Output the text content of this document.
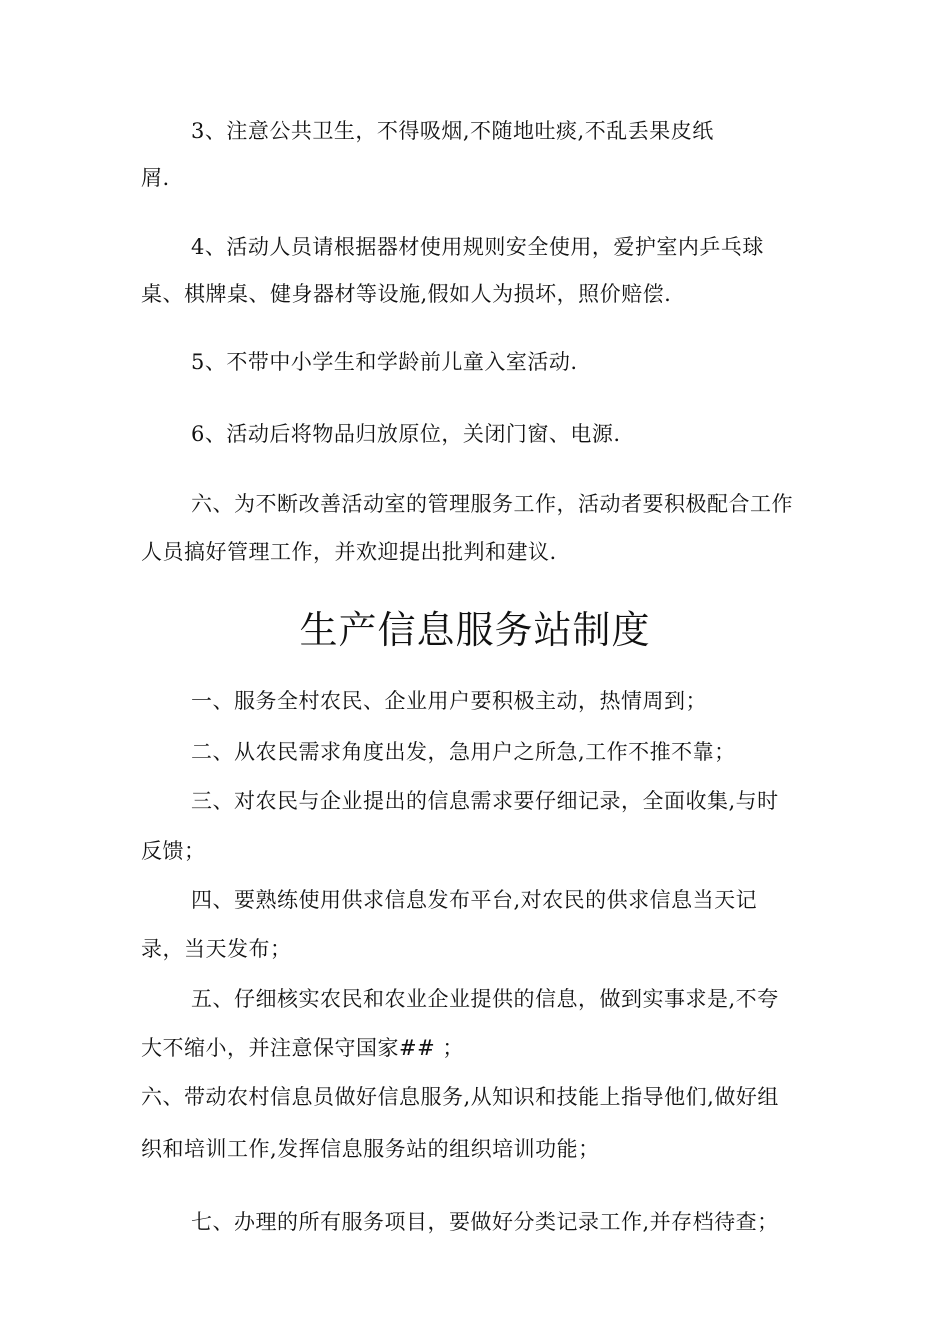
3、注意公共卫生，不得吸烟,不随地吐痰,不乱丢果皮纸
屑.
4、活动人员请根据器材使用规则安全使用，爱护室内乒乓球
桌、棋牌桌、健身器材等设施,假如人为损坏，照价赔偿.
5、不带中小学生和学龄前儿童入室活动.
6、活动后将物品归放原位，关闭门窗、电源.
六、为不断改善活动室的管理服务工作，活动者要积极配合工作
人员搞好管理工作，并欢迎提出批判和建议.
生产信息服务站制度
一、服务全村农民、企业用户要积极主动，热情周到；
二、从农民需求角度出发，急用户之所急,工作不推不靠；
三、对农民与企业提出的信息需求要仔细记录，全面收集,与时
反馈；
四、要熟练使用供求信息发布平台,对农民的供求信息当天记
录，当天发布；
五、仔细核实农民和农业企业提供的信息，做到实事求是,不夸
大不缩小，并注意保守国家## ；
六、带动农村信息员做好信息服务,从知识和技能上指导他们,做好组
织和培训工作,发挥信息服务站的组织培训功能；
七、办理的所有服务项目，要做好分类记录工作,并存档待查；
